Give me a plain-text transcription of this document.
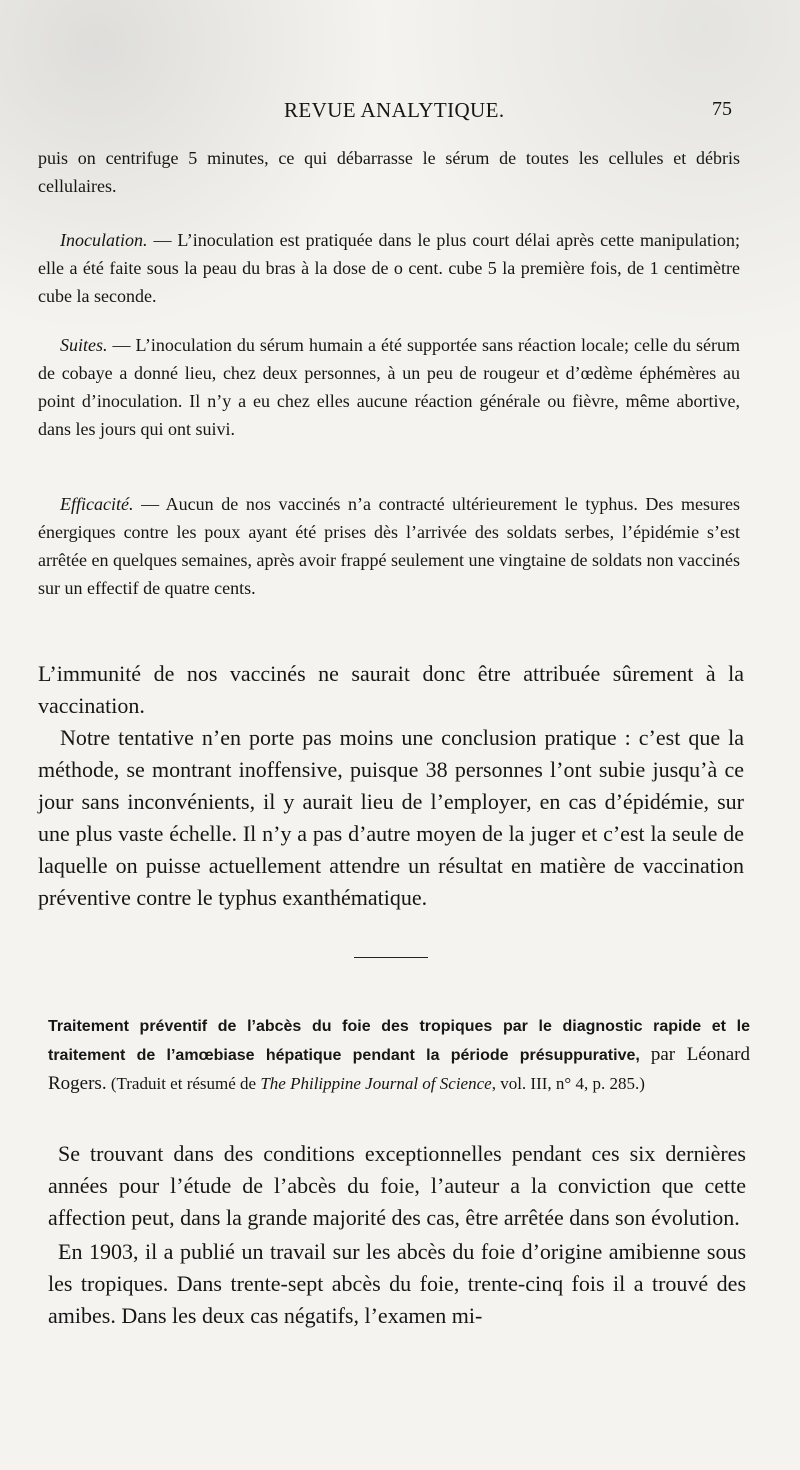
REVUE ANALYTIQUE.	75

puis on centrifuge 5 minutes, ce qui débarrasse le sérum de toutes les cellules et débris cellulaires.

Inoculation. — L’inoculation est pratiquée dans le plus court délai après cette manipulation; elle a été faite sous la peau du bras à la dose de o cent. cube 5 la première fois, de 1 centimètre cube la seconde.

Suites. — L’inoculation du sérum humain a été supportée sans réaction locale; celle du sérum de cobaye a donné lieu, chez deux personnes, à un peu de rougeur et d’œdème éphémères au point d’inoculation. Il n’y a eu chez elles aucune réaction générale ou fièvre, même abortive, dans les jours qui ont suivi.

Efficacité. — Aucun de nos vaccinés n’a contracté ultérieurement le typhus. Des mesures énergiques contre les poux ayant été prises dès l’arrivée des soldats serbes, l’épidémie s’est arrêtée en quelques semaines, après avoir frappé seulement une vingtaine de soldats non vaccinés sur un effectif de quatre cents.

L’immunité de nos vaccinés ne saurait donc être attribuée sûrement à la vaccination.

Notre tentative n’en porte pas moins une conclusion pratique : c’est que la méthode, se montrant inoffensive, puisque 38 personnes l’ont subie jusqu’à ce jour sans inconvénients, il y aurait lieu de l’employer, en cas d’épidémie, sur une plus vaste échelle. Il n’y a pas d’autre moyen de la juger et c’est la seule de laquelle on puisse actuellement attendre un résultat en matière de vaccination préventive contre le typhus exanthématique.

Traitement préventif de l’abcès du foie des tropiques par le diagnostic rapide et le traitement de l’amœbiase hépatique pendant la période présuppurative, par Léonard Rogers. (Traduit et résumé de The Philippine Journal of Science, vol. III, n° 4, p. 285.)

Se trouvant dans des conditions exceptionnelles pendant ces six dernières années pour l’étude de l’abcès du foie, l’auteur a la conviction que cette affection peut, dans la grande majorité des cas, être arrêtée dans son évolution.

En 1903, il a publié un travail sur les abcès du foie d’origine amibienne sous les tropiques. Dans trente-sept abcès du foie, trente-cinq fois il a trouvé des amibes. Dans les deux cas négatifs, l’examen mi-
